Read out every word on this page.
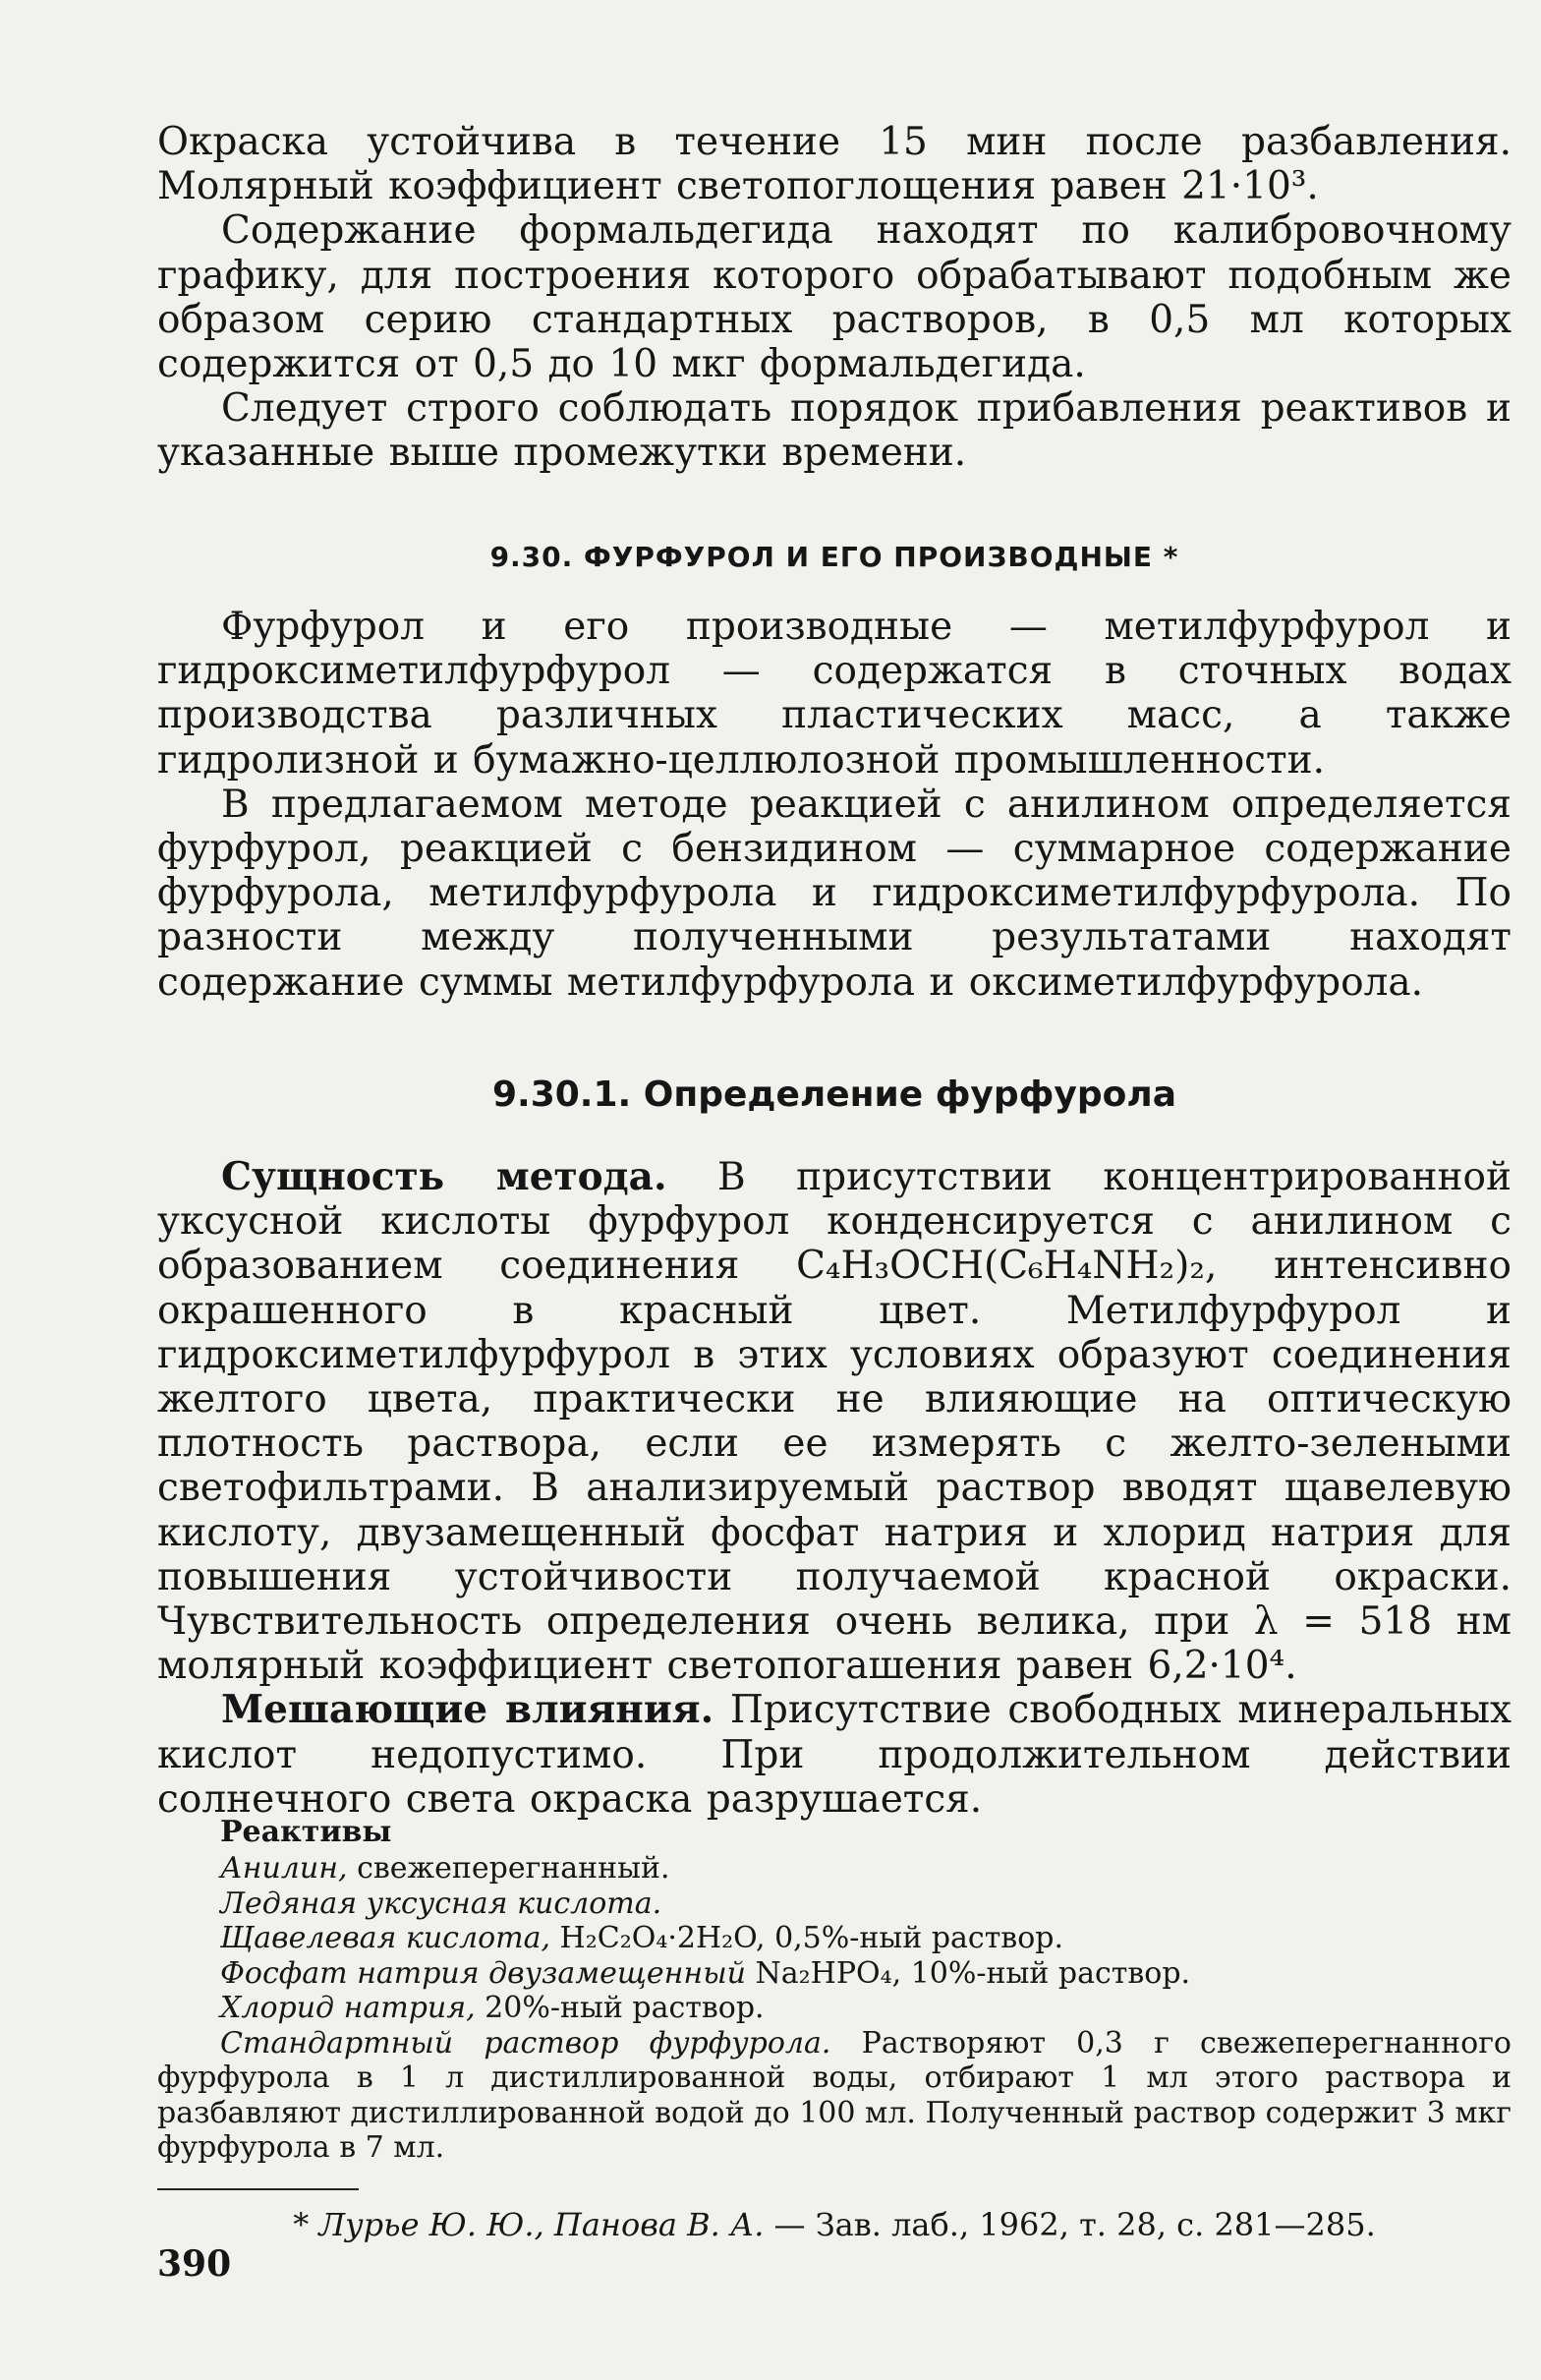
Окраска устойчива в течение 15 мин после разбавления. Молярный коэффициент светопоглощения равен 21·10³.

Содержание формальдегида находят по калибровочному графику, для построения которого обрабатывают подобным же образом серию стандартных растворов, в 0,5 мл которых содержится от 0,5 до 10 мкг формальдегида.

Следует строго соблюдать порядок прибавления реактивов и указанные выше промежутки времени.

9.30. ФУРФУРОЛ И ЕГО ПРОИЗВОДНЫЕ *

Фурфурол и его производные — метилфурфурол и гидроксиметилфурфурол — содержатся в сточных водах производства различных пластических масс, а также гидролизной и бумажно-целлюлозной промышленности.

В предлагаемом методе реакцией с анилином определяется фурфурол, реакцией с бензидином — суммарное содержание фурфурола, метилфурфурола и гидроксиметилфурфурола. По разности между полученными результатами находят содержание суммы метилфурфурола и оксиметилфурфурола.

9.30.1. Определение фурфурола

Сущность метода. В присутствии концентрированной уксусной кислоты фурфурол конденсируется с анилином с образованием соединения C₄H₃OCH(C₆H₄NH₂)₂, интенсивно окрашенного в красный цвет. Метилфурфурол и гидроксиметилфурфурол в этих условиях образуют соединения желтого цвета, практически не влияющие на оптическую плотность раствора, если ее измерять с желто-зелеными светофильтрами. В анализируемый раствор вводят щавелевую кислоту, двузамещенный фосфат натрия и хлорид натрия для повышения устойчивости получаемой красной окраски. Чувствительность определения очень велика, при λ = 518 нм молярный коэффициент светопогашения равен 6,2·10⁴.

Мешающие влияния. Присутствие свободных минеральных кислот недопустимо. При продолжительном действии солнечного света окраска разрушается.

Реактивы

Анилин, свежеперегнанный.

Ледяная уксусная кислота.

Щавелевая кислота, H₂C₂O₄·2H₂O, 0,5%-ный раствор.

Фосфат натрия двузамещенный Na₂HPO₄, 10%-ный раствор.

Хлорид натрия, 20%-ный раствор.

Стандартный раствор фурфурола. Растворяют 0,3 г свежеперегнанного фурфурола в 1 л дистиллированной воды, отбирают 1 мл этого раствора и разбавляют дистиллированной водой до 100 мл. Полученный раствор содержит 3 мкг фурфурола в 7 мл.

* Лурье Ю. Ю., Панова В. А. — Зав. лаб., 1962, т. 28, с. 281—285.
390
